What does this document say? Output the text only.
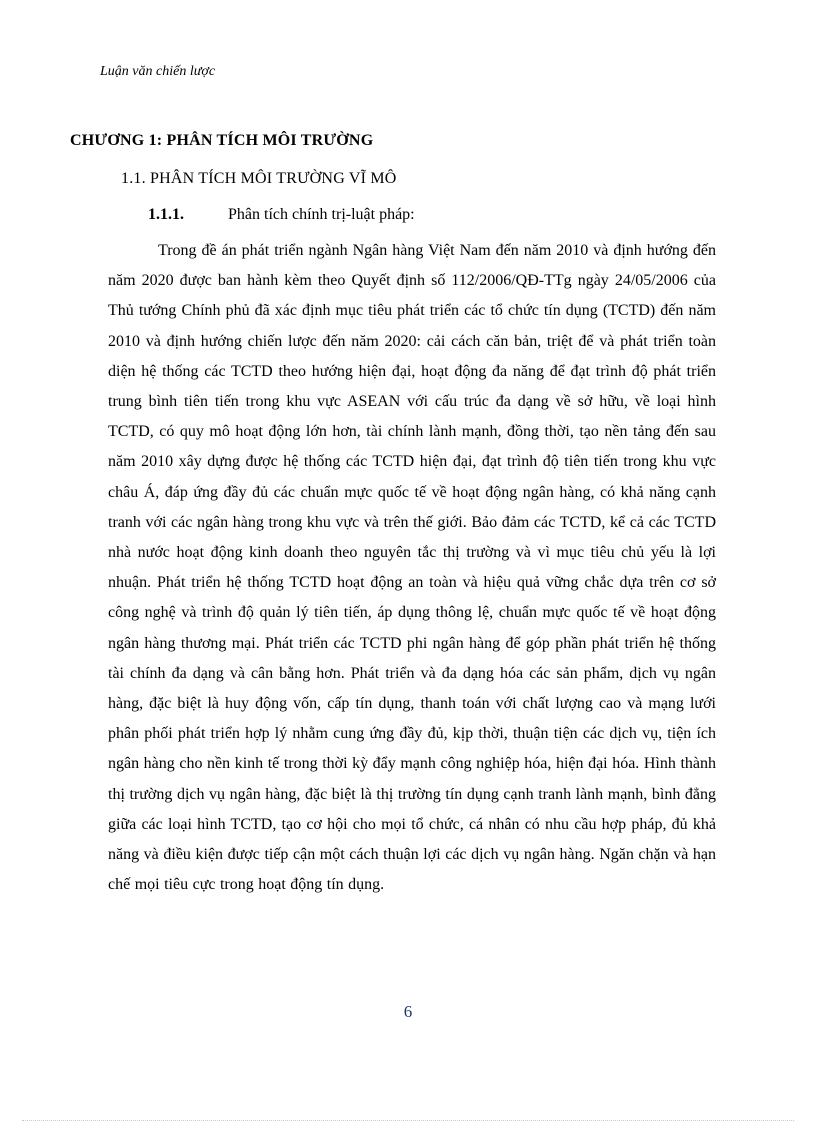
Luận văn chiến lược
CHƯƠNG 1: PHÂN TÍCH MÔI TRƯỜNG
1.1. PHÂN TÍCH MÔI TRƯỜNG VĨ MÔ
1.1.1.	Phân tích chính trị-luật pháp:

Trong đề án phát triển ngành Ngân hàng Việt Nam đến năm 2010 và định hướng đến năm 2020 được ban hành kèm theo Quyết định số 112/2006/QĐ-TTg ngày 24/05/2006 của Thủ tướng Chính phủ đã xác định mục tiêu phát triển các tổ chức tín dụng (TCTD) đến năm 2010 và định hướng chiến lược đến năm 2020: cải cách căn bản, triệt để và phát triển toàn diện hệ thống các TCTD theo hướng hiện đại, hoạt động đa năng để đạt trình độ phát triển trung bình tiên tiến trong khu vực ASEAN với cấu trúc đa dạng về sở hữu, về loại hình TCTD, có quy mô hoạt động lớn hơn, tài chính lành mạnh, đồng thời, tạo nền tảng đến sau năm 2010 xây dựng được hệ thống các TCTD hiện đại, đạt trình độ tiên tiến trong khu vực châu Á, đáp ứng đầy đủ các chuẩn mực quốc tế về hoạt động ngân hàng, có khả năng cạnh tranh với các ngân hàng trong khu vực và trên thế giới. Bảo đảm các TCTD, kể cả các TCTD nhà nước hoạt động kinh doanh theo nguyên tắc thị trường và vì mục tiêu chủ yếu là lợi nhuận. Phát triển hệ thống TCTD hoạt động an toàn và hiệu quả vững chắc dựa trên cơ sở công nghệ và trình độ quản lý tiên tiến, áp dụng thông lệ, chuẩn mực quốc tế về hoạt động ngân hàng thương mại. Phát triển các TCTD phi ngân hàng để góp phần phát triển hệ thống tài chính đa dạng và cân bằng hơn. Phát triển và đa dạng hóa các sản phẩm, dịch vụ ngân hàng, đặc biệt là huy động vốn, cấp tín dụng, thanh toán với chất lượng cao và mạng lưới phân phối phát triển hợp lý nhằm cung ứng đầy đủ, kịp thời, thuận tiện các dịch vụ, tiện ích ngân hàng cho nền kinh tế trong thời kỳ đẩy mạnh công nghiệp hóa, hiện đại hóa. Hình thành thị trường dịch vụ ngân hàng, đặc biệt là thị trường tín dụng cạnh tranh lành mạnh, bình đẳng giữa các loại hình TCTD, tạo cơ hội cho mọi tổ chức, cá nhân có nhu cầu hợp pháp, đủ khả năng và điều kiện được tiếp cận một cách thuận lợi các dịch vụ ngân hàng. Ngăn chặn và hạn chế mọi tiêu cực trong hoạt động tín dụng.

6
